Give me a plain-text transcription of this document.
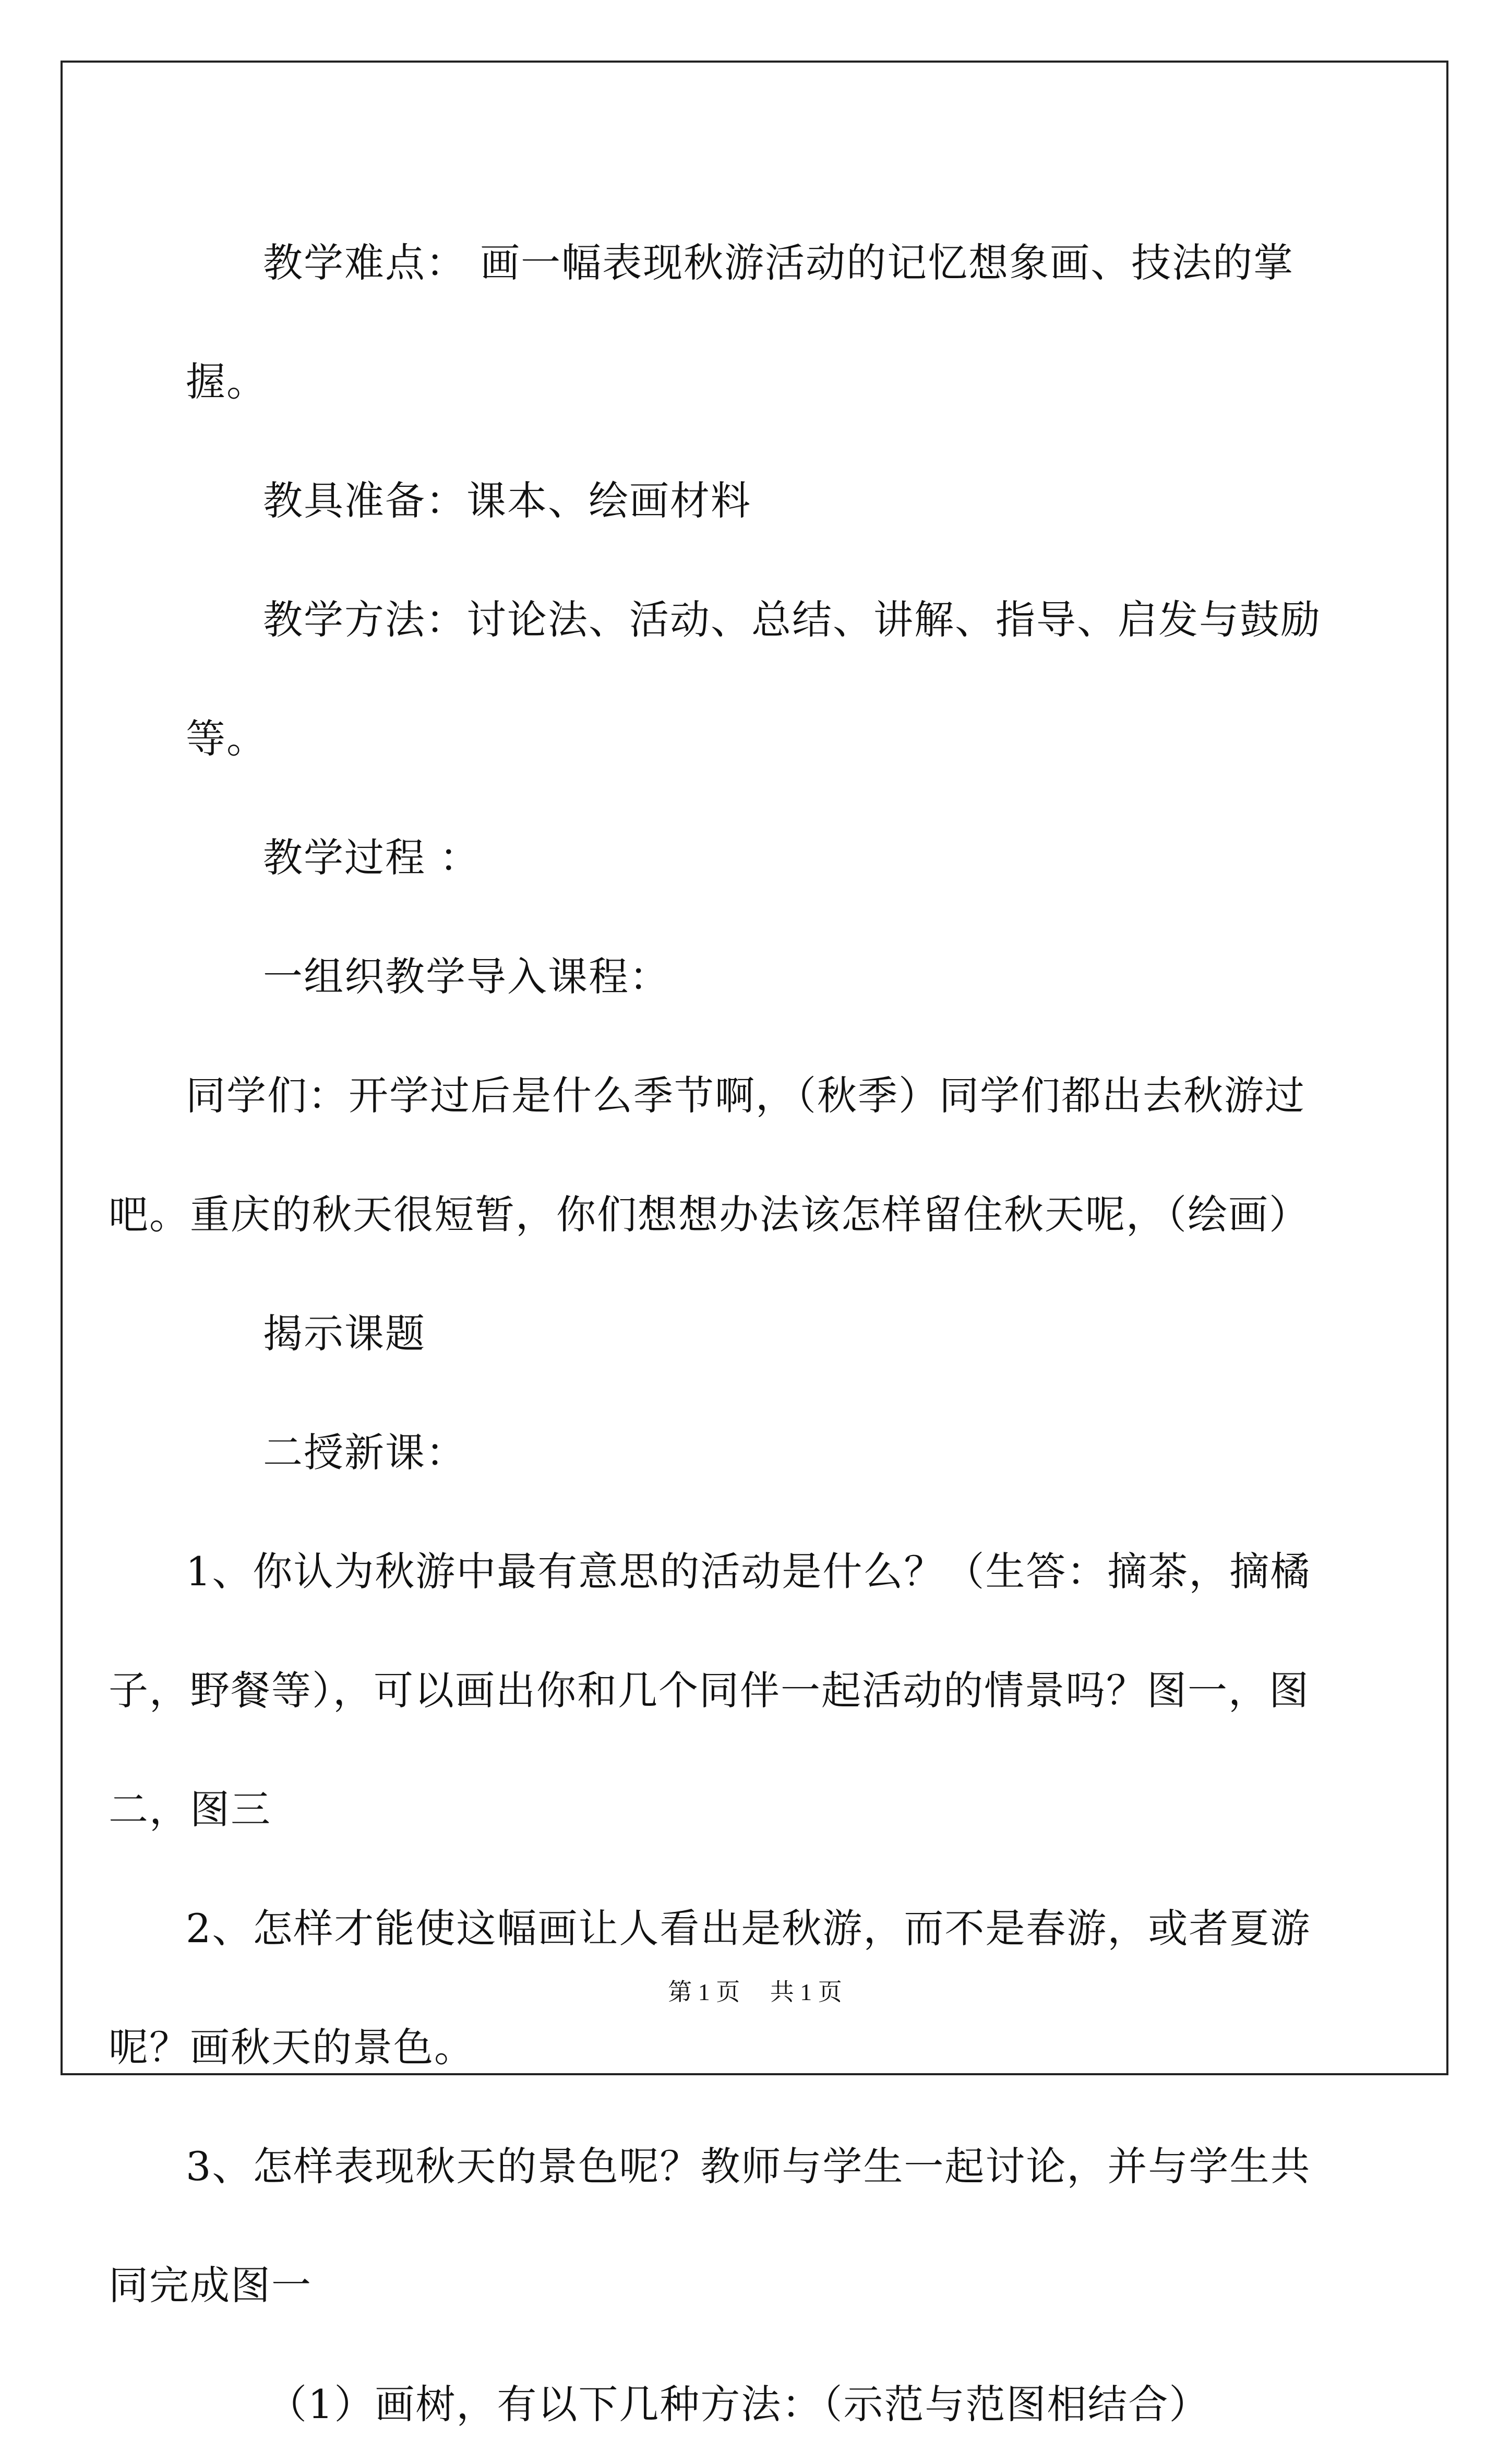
教学难点： 画一幅表现秋游活动的记忆想象画、技法的掌握。

教具准备：课本、绘画材料

教学方法：讨论法、活动、总结、讲解、指导、启发与鼓励等。

教学过程 ：

一组织教学导入课程：

同学们：开学过后是什么季节啊，（秋季）同学们都出去秋游过吧。重庆的秋天很短暂，你们想想办法该怎样留住秋天呢，（绘画）

揭示课题

二授新课：

1、你认为秋游中最有意思的活动是什么？（生答：摘茶，摘橘子，野餐等），可以画出你和几个同伴一起活动的情景吗？图一，图二，图三

2、怎样才能使这幅画让人看出是秋游，而不是春游，或者夏游呢？画秋天的景色。

3、怎样表现秋天的景色呢？教师与学生一起讨论，并与学生共同完成图一

（1）画树，有以下几种方法：（示范与范图相结合）

第 1 页 共 1 页
